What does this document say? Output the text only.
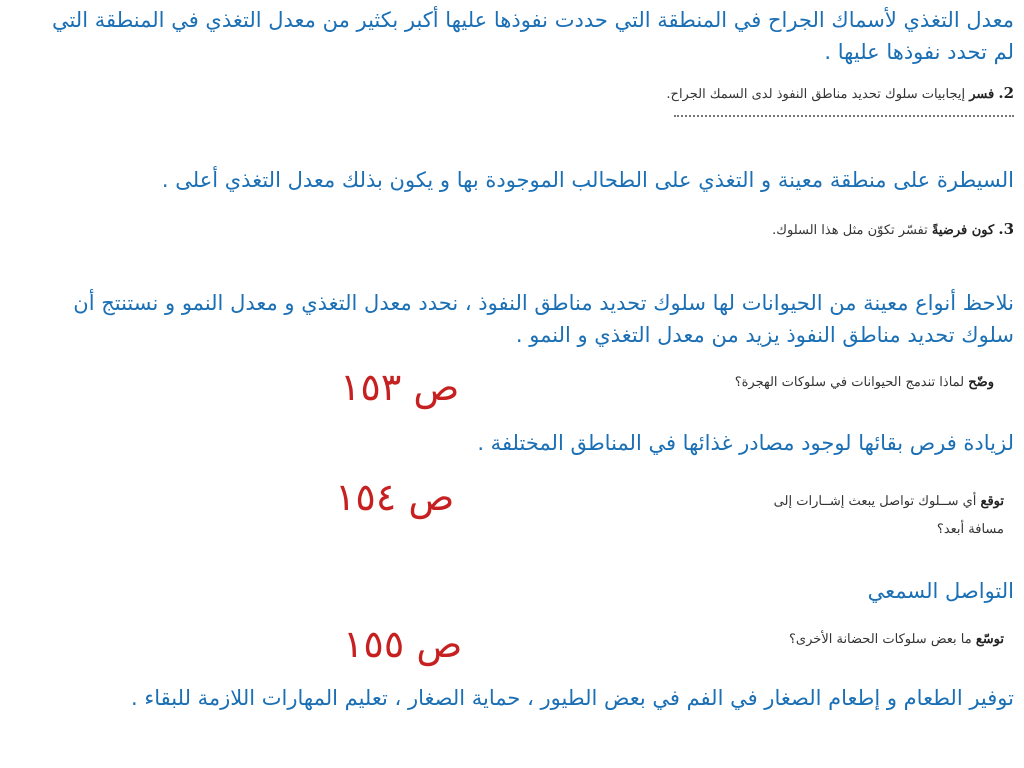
معدل التغذي لأسماك الجراح في المنطقة التي حددت نفوذها عليها أكبر بكثير من معدل التغذي في المنطقة التي
لم تحدد نفوذها عليها .
2. فسر إيجابيات سلوك تحديد مناطق النفوذ لدى السمك الجراح.
السيطرة على منطقة معينة و التغذي على الطحالب الموجودة بها و يكون بذلك معدل التغذي أعلى .
3. كون فرضيةً تفسّر تكوّن مثل هذا السلوك.
نلاحظ أنواع معينة من الحيوانات لها سلوك تحديد مناطق النفوذ ، نحدد معدل التغذي و معدل النمو و نستنتج أن
سلوك تحديد مناطق النفوذ يزيد من معدل التغذي و النمو .
وضّح لماذا تندمج الحيوانات في سلوكات الهجرة؟
ص ١٥٣
لزيادة فرص بقائها لوجود مصادر غذائها في المناطق المختلفة .
توقع أي ســلوك تواصل يبعث إشــارات إلى
مسافة أبعد؟
ص ١٥٤
التواصل السمعي
توسّع ما بعض سلوكات الحضانة الأخرى؟
ص ١٥٥
توفير الطعام و إطعام الصغار في الفم في بعض الطيور ، حماية الصغار ، تعليم المهارات اللازمة للبقاء .
